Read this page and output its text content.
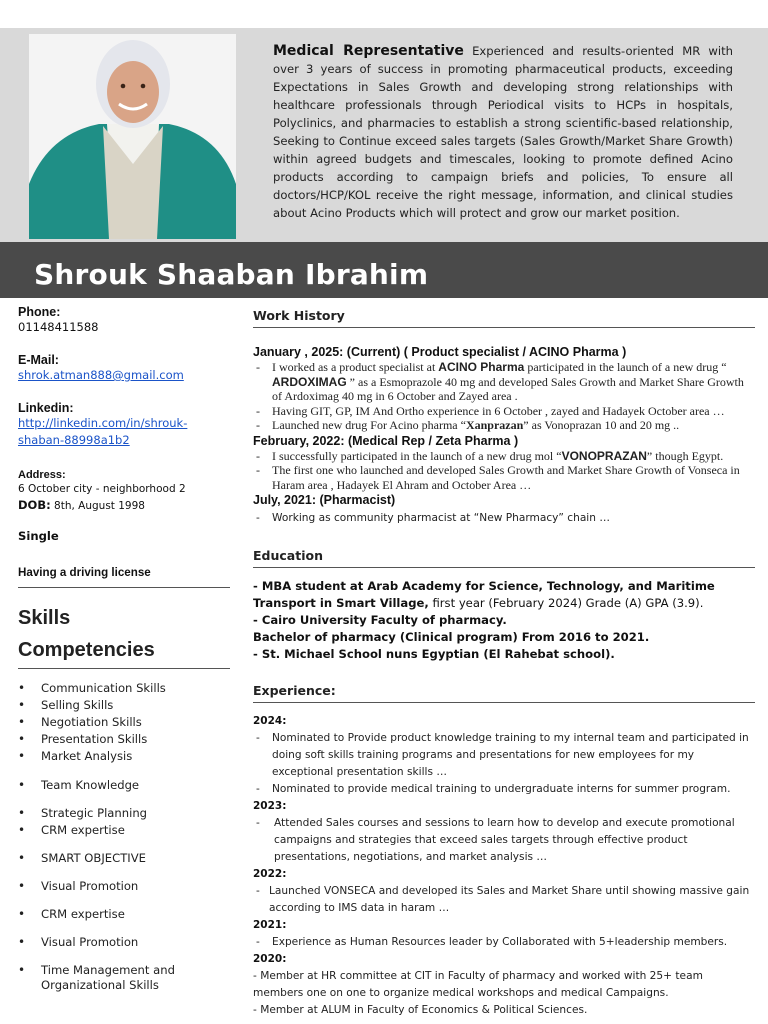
Medical Representative Experienced and results-oriented MR with over 3 years of success in promoting pharmaceutical products, exceeding Expectations in Sales Growth and developing strong relationships with healthcare professionals through Periodical visits to HCPs in hospitals, Polyclinics, and pharmacies to establish a strong scientific-based relationship, Seeking to Continue exceed sales targets (Sales Growth/Market Share Growth) within agreed budgets and timescales, looking to promote defined Acino products according to campaign briefs and policies, To ensure all doctors/HCP/KOL receive the right message, information, and clinical studies about Acino Products which will protect and grow our market position.
Shrouk Shaaban Ibrahim
Phone:
01148411588
E-Mail:
shrok.atman888@gmail.com
Linkedin:
http://linkedin.com/in/shrouk-
shaban-88998a1b2
Address:
6 October city - neighborhood 2
DOB: 8th, August 1998
Single
Having a driving license
Skills
Competencies
• Communication Skills
• Selling Skills
• Negotiation Skills
• Presentation Skills
• Market Analysis
• Team Knowledge
• Strategic Planning
• CRM expertise
• SMART OBJECTIVE
• Visual Promotion
• CRM expertise
• Visual Promotion
• Time Management and Organizational Skills
Work History
January , 2025: (Current) ( Product specialist / ACINO Pharma )
- I worked as a product specialist at ACINO Pharma participated in the launch of a new drug “ ARDOXIMAG ” as a Esmoprazole 40 mg and developed Sales Growth and Market Share Growth of Ardoximag 40 mg in 6 October and Zayed area .
- Having GIT, GP, IM And Ortho experience in 6 October , zayed and Hadayek October area …
- Launched new drug For Acino pharma “Xanprazan” as Vonoprazan 10 and 20 mg ..
February, 2022: (Medical Rep / Zeta Pharma )
- I successfully participated in the launch of a new drug mol “VONOPRAZAN” though Egypt.
- The first one who launched and developed Sales Growth and Market Share Growth of Vonseca in Haram area , Hadayek El Ahram and October Area …
July, 2021: (Pharmacist)
- Working as community pharmacist at “New Pharmacy” chain …
Education
- MBA student at Arab Academy for Science, Technology, and Maritime Transport in Smart Village, first year (February 2024) Grade (A) GPA (3.9).
- Cairo University Faculty of pharmacy.
Bachelor of pharmacy (Clinical program) From 2016 to 2021.
- St. Michael School nuns Egyptian (El Rahebat school).
Experience:
2024:
- Nominated to Provide product knowledge training to my internal team and participated in doing soft skills training programs and presentations for new employees for my exceptional presentation skills …
- Nominated to provide medical training to undergraduate interns for summer program.
2023:
- Attended Sales courses and sessions to learn how to develop and execute promotional campaigns and strategies that exceed sales targets through effective product presentations, negotiations, and market analysis …
2022:
- Launched VONSECA and developed its Sales and Market Share until showing massive gain according to IMS data in haram …
2021:
- Experience as Human Resources leader by Collaborated with 5+leadership members.
2020:
- Member at HR committee at CIT in Faculty of pharmacy and worked with 25+ team members one on one to organize medical workshops and medical Campaigns.
- Member at ALUM in Faculty of Economics & Political Sciences.
